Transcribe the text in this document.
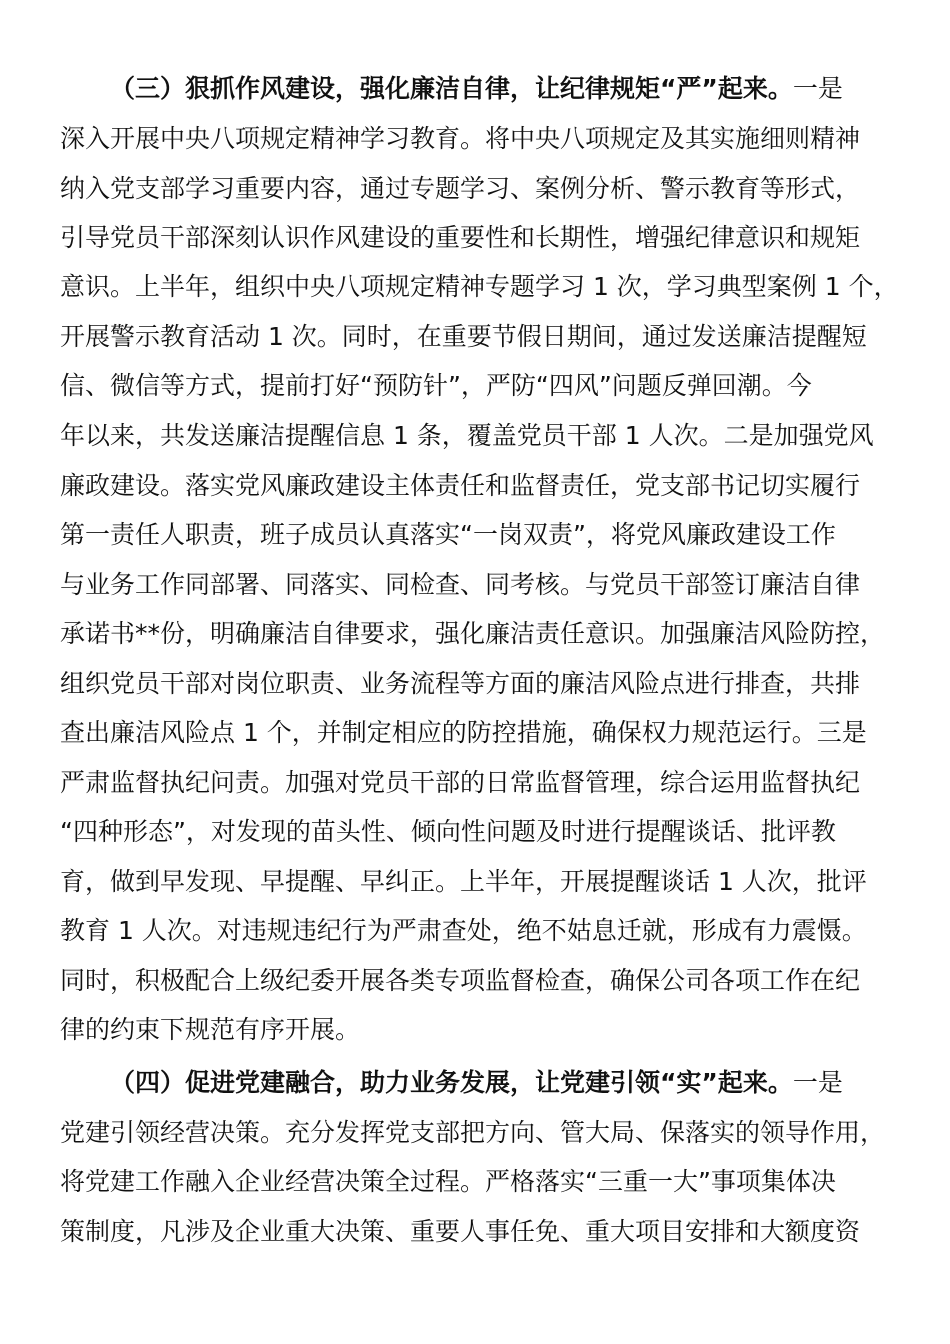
（三）狠抓作风建设，强化廉洁自律，让纪律规矩“严”起来。一是
深入开展中央八项规定精神学习教育。将中央八项规定及其实施细则精神
纳入党支部学习重要内容，通过专题学习、案例分析、警示教育等形式，
引导党员干部深刻认识作风建设的重要性和长期性，增强纪律意识和规矩
意识。上半年，组织中央八项规定精神专题学习 1 次，学习典型案例 1 个，
开展警示教育活动 1 次。同时，在重要节假日期间，通过发送廉洁提醒短
信、微信等方式，提前打好“预防针”，严防“四风”问题反弹回潮。今
年以来，共发送廉洁提醒信息 1 条，覆盖党员干部 1 人次。二是加强党风
廉政建设。落实党风廉政建设主体责任和监督责任，党支部书记切实履行
第一责任人职责，班子成员认真落实“一岗双责”，将党风廉政建设工作
与业务工作同部署、同落实、同检查、同考核。与党员干部签订廉洁自律
承诺书**份，明确廉洁自律要求，强化廉洁责任意识。加强廉洁风险防控，
组织党员干部对岗位职责、业务流程等方面的廉洁风险点进行排查，共排
查出廉洁风险点 1 个，并制定相应的防控措施，确保权力规范运行。三是
严肃监督执纪问责。加强对党员干部的日常监督管理，综合运用监督执纪
“四种形态”，对发现的苗头性、倾向性问题及时进行提醒谈话、批评教
育，做到早发现、早提醒、早纠正。上半年，开展提醒谈话 1 人次，批评
教育 1 人次。对违规违纪行为严肃查处，绝不姑息迁就，形成有力震慑。
同时，积极配合上级纪委开展各类专项监督检查，确保公司各项工作在纪
律的约束下规范有序开展。
（四）促进党建融合，助力业务发展，让党建引领“实”起来。一是
党建引领经营决策。充分发挥党支部把方向、管大局、保落实的领导作用，
将党建工作融入企业经营决策全过程。严格落实“三重一大”事项集体决
策制度，凡涉及企业重大决策、重要人事任免、重大项目安排和大额度资
